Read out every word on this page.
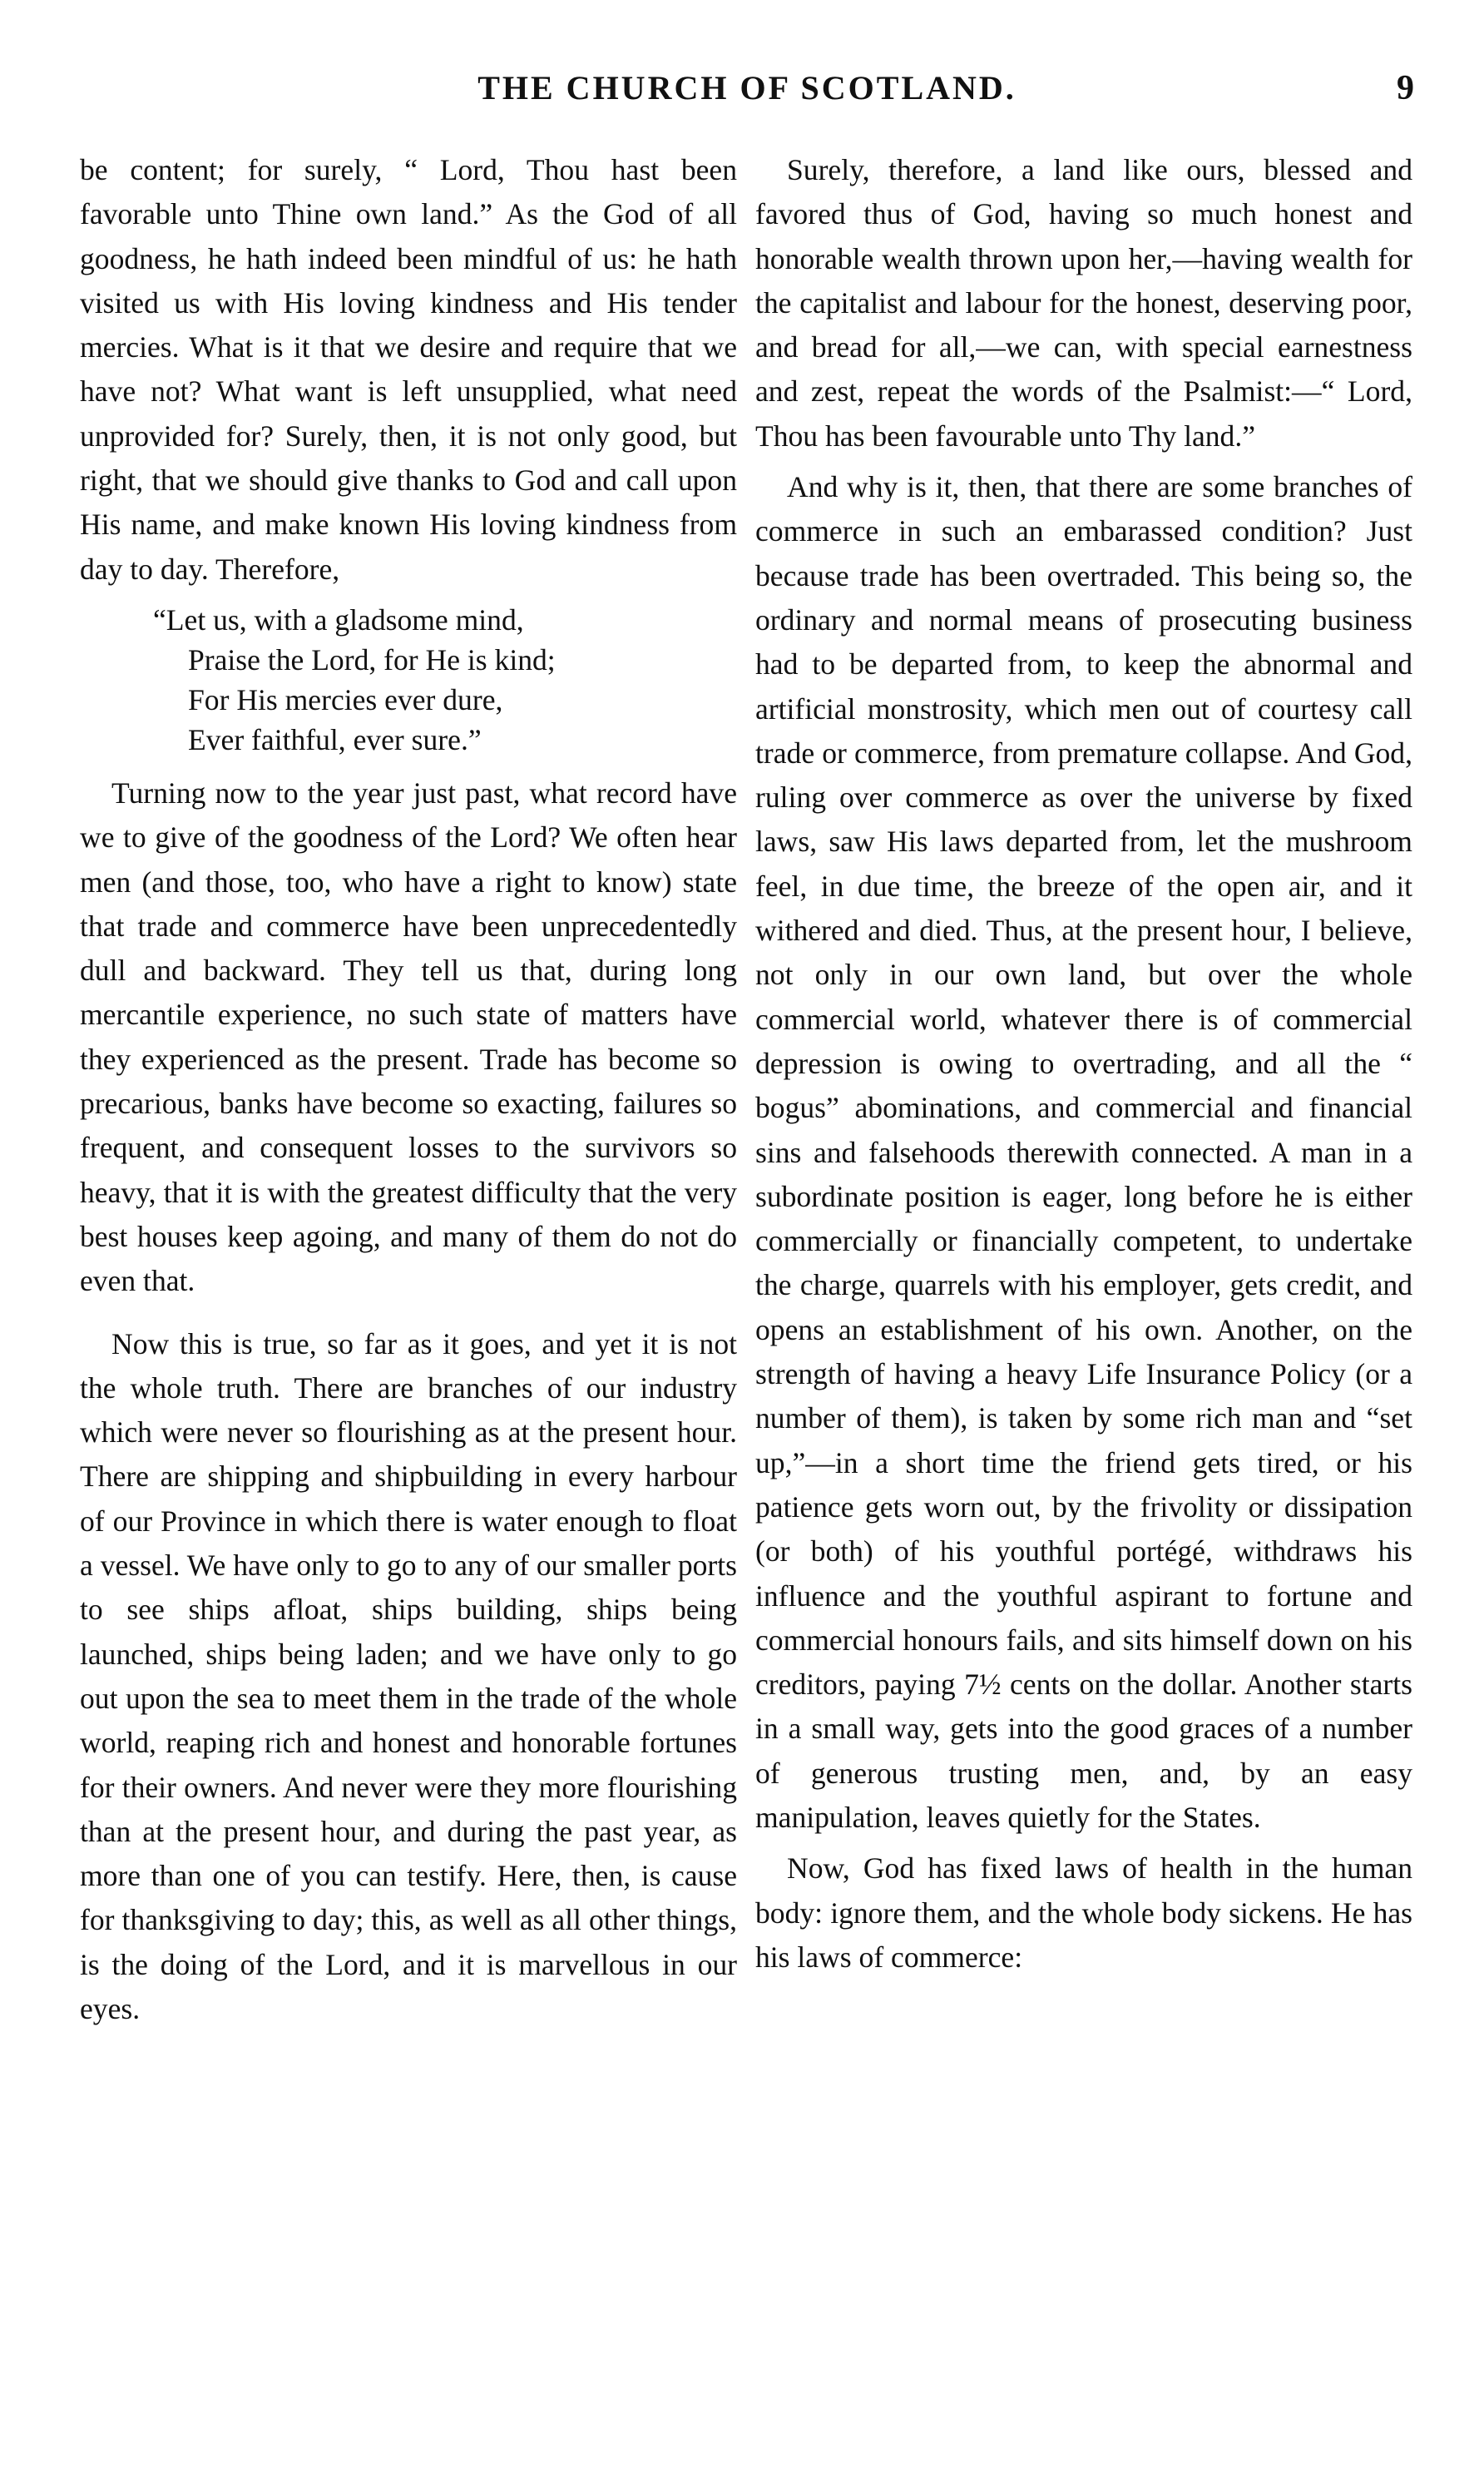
THE CHURCH OF SCOTLAND.	9

be content; for surely, “ Lord, Thou hast been favorable unto Thine own land.” As the God of all goodness, he hath indeed been mindful of us: he hath visited us with His loving kindness and His tender mercies. What is it that we desire and require that we have not? What want is left unsupplied, what need unprovided for? Surely, then, it is not only good, but right, that we should give thanks to God and call upon His name, and make known His loving kindness from day to day. Therefore,

“Let us, with a gladsome mind,
Praise the Lord, for He is kind;
For His mercies ever dure,
Ever faithful, ever sure.”

Turning now to the year just past, what record have we to give of the goodness of the Lord? We often hear men (and those, too, who have a right to know) state that trade and commerce have been unprecedentedly dull and backward. They tell us that, during long mercantile experience, no such state of matters have they experienced as the present. Trade has become so precarious, banks have become so exacting, failures so frequent, and consequent losses to the survivors so heavy, that it is with the greatest difficulty that the very best houses keep agoing, and many of them do not do even that.

Now this is true, so far as it goes, and yet it is not the whole truth. There are branches of our industry which were never so flourishing as at the present hour. There are shipping and shipbuilding in every harbour of our Province in which there is water enough to float a vessel. We have only to go to any of our smaller ports to see ships afloat, ships building, ships being launched, ships being laden; and we have only to go out upon the sea to meet them in the trade of the whole world, reaping rich and honest and honorable fortunes for their owners. And never were they more flourishing than at the present hour, and during the past year, as more than one of you can testify. Here, then, is cause for thanksgiving to day; this, as well as all other things, is the doing of the Lord, and it is marvellous in our eyes.

Surely, therefore, a land like ours, blessed and favored thus of God, having so much honest and honorable wealth thrown upon her,—having wealth for the capitalist and labour for the honest, deserving poor, and bread for all,—we can, with special earnestness and zest, repeat the words of the Psalmist:—“ Lord, Thou has been favourable unto Thy land.”

And why is it, then, that there are some branches of commerce in such an embarassed condition? Just because trade has been overtraded. This being so, the ordinary and normal means of prosecuting business had to be departed from, to keep the abnormal and artificial monstrosity, which men out of courtesy call trade or commerce, from premature collapse. And God, ruling over commerce as over the universe by fixed laws, saw His laws departed from, let the mushroom feel, in due time, the breeze of the open air, and it withered and died. Thus, at the present hour, I believe, not only in our own land, but over the whole commercial world, whatever there is of commercial depression is owing to overtrading, and all the “ bogus” abominations, and commercial and financial sins and falsehoods therewith connected. A man in a subordinate position is eager, long before he is either commercially or financially competent, to undertake the charge, quarrels with his employer, gets credit, and opens an establishment of his own. Another, on the strength of having a heavy Life Insurance Policy (or a number of them), is taken by some rich man and “set up,”—in a short time the friend gets tired, or his patience gets worn out, by the frivolity or dissipation (or both) of his youthful portégé, withdraws his influence and the youthful aspirant to fortune and commercial honours fails, and sits himself down on his creditors, paying 7½ cents on the dollar. Another starts in a small way, gets into the good graces of a number of generous trusting men, and, by an easy manipulation, leaves quietly for the States.

Now, God has fixed laws of health in the human body: ignore them, and the whole body sickens. He has his laws of commerce:
